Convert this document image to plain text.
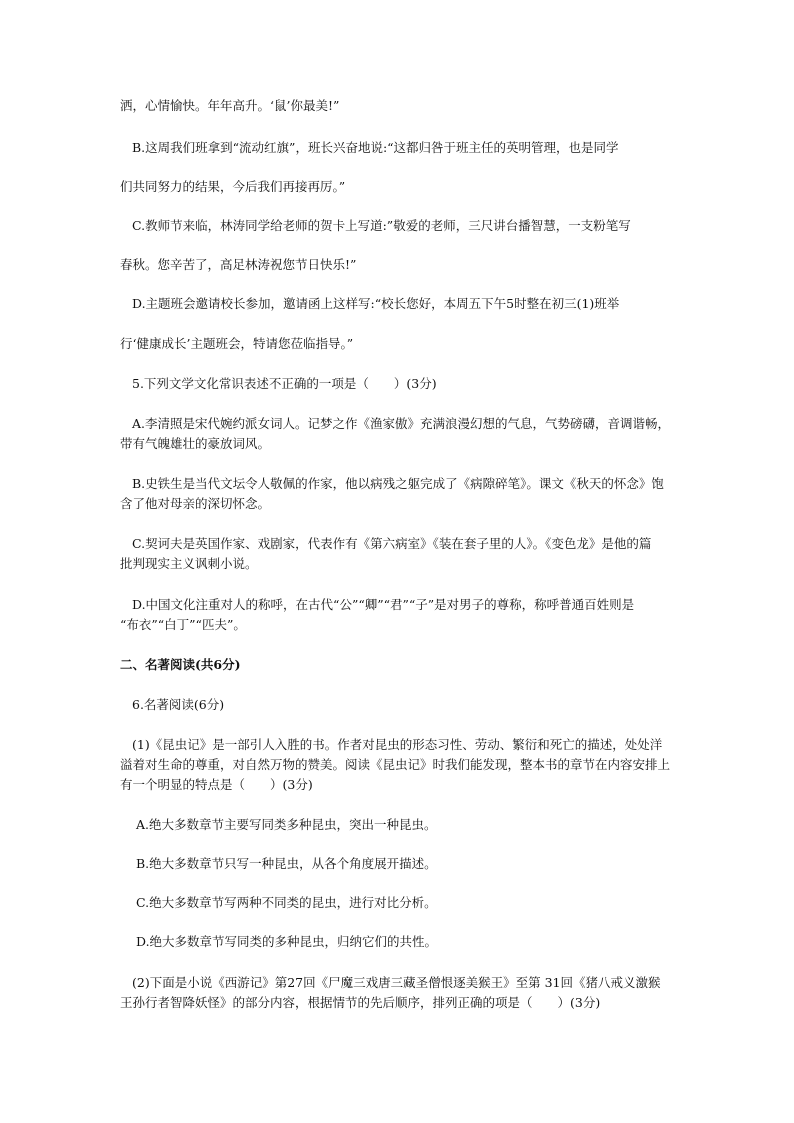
洒，心情愉快。年年高升。‘鼠’你最美!”

B.这周我们班拿到“流动红旗”，班长兴奋地说:“这都归咎于班主任的英明管理，也是同学

们共同努力的结果，今后我们再接再厉。”

C.教师节来临，林涛同学给老师的贺卡上写道:”敬爱的老师，三尺讲台播智慧，一支粉笔写

春秋。您辛苦了，高足林涛祝您节日快乐!”

D.主题班会邀请校长参加，邀请函上这样写:“校长您好，本周五下午5时整在初三(1)班举

行‘健康成长’主题班会，特请您莅临指导。”

5.下列文学文化常识表述不正确的一项是（　　）(3分)

A.李清照是宋代婉约派女词人。记梦之作《渔家傲》充满浪漫幻想的气息，气势磅礴，音调谐畅，

带有气魄雄壮的豪放词风。

B.史铁生是当代文坛令人敬佩的作家，他以病残之躯完成了《病隙碎笔》。课文《秋天的怀念》饱

含了他对母亲的深切怀念。

C.契诃夫是英国作家、戏剧家，代表作有《第六病室》《装在套子里的人》。《变色龙》是他的篇

批判现实主义讽刺小说。

D.中国文化注重对人的称呼，在古代“公”“卿”“君”“子”是对男子的尊称，称呼普通百姓则是

“布衣”“白丁”“匹夫”。

二、名著阅读(共6分)

6.名著阅读(6分)

(1)《昆虫记》是一部引人入胜的书。作者对昆虫的形态习性、劳动、繁衍和死亡的描述，处处洋

溢着对生命的尊重，对自然万物的赞美。阅读《昆虫记》时我们能发现，整本书的章节在内容安排上

有一个明显的特点是（　　）(3分)

A.绝大多数章节主要写同类多种昆虫，突出一种昆虫。

B.绝大多数章节只写一种昆虫，从各个角度展开描述。

C.绝大多数章节写两种不同类的昆虫，进行对比分析。

D.绝大多数章节写同类的多种昆虫，归纳它们的共性。

(2)下面是小说《西游记》第27回《尸魔三戏唐三藏圣僧恨逐美猴王》至第 31回《猪八戒义激猴

王孙行者智降妖怪》的部分内容，根据情节的先后顺序，排列正确的项是（　　）(3分)
